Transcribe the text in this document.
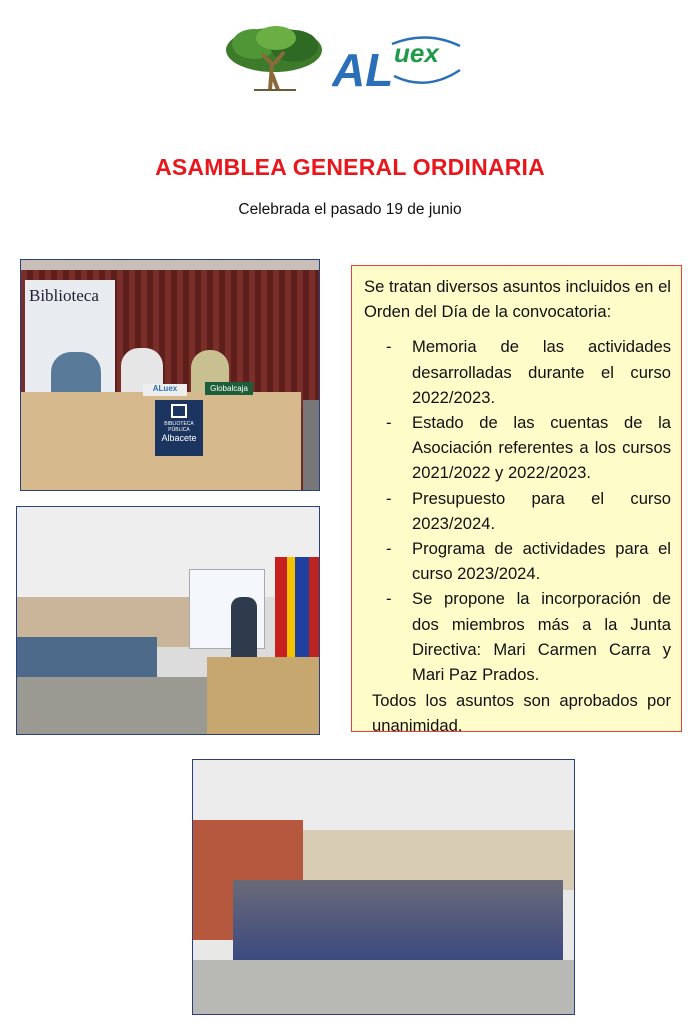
AL uex
ASAMBLEA GENERAL ORDINARIA
Celebrada el pasado 19 de junio
Biblioteca
ALuex	Globalcaja
BIBLIOTECA PÚBLICA
Albacete

Se tratan diversos asuntos incluidos en el Orden del Día de la convocatoria:

- Memoria de las actividades desarrolladas durante el curso 2022/2023.
- Estado de las cuentas de la Asociación referentes a los cursos 2021/2022 y 2022/2023.
- Presupuesto para el curso 2023/2024.
- Programa de actividades para el curso 2023/2024.
- Se propone la incorporación de dos miembros más a la Junta Directiva: Mari Carmen Carra y Mari Paz Prados.

Todos los asuntos son aprobados por unanimidad.
